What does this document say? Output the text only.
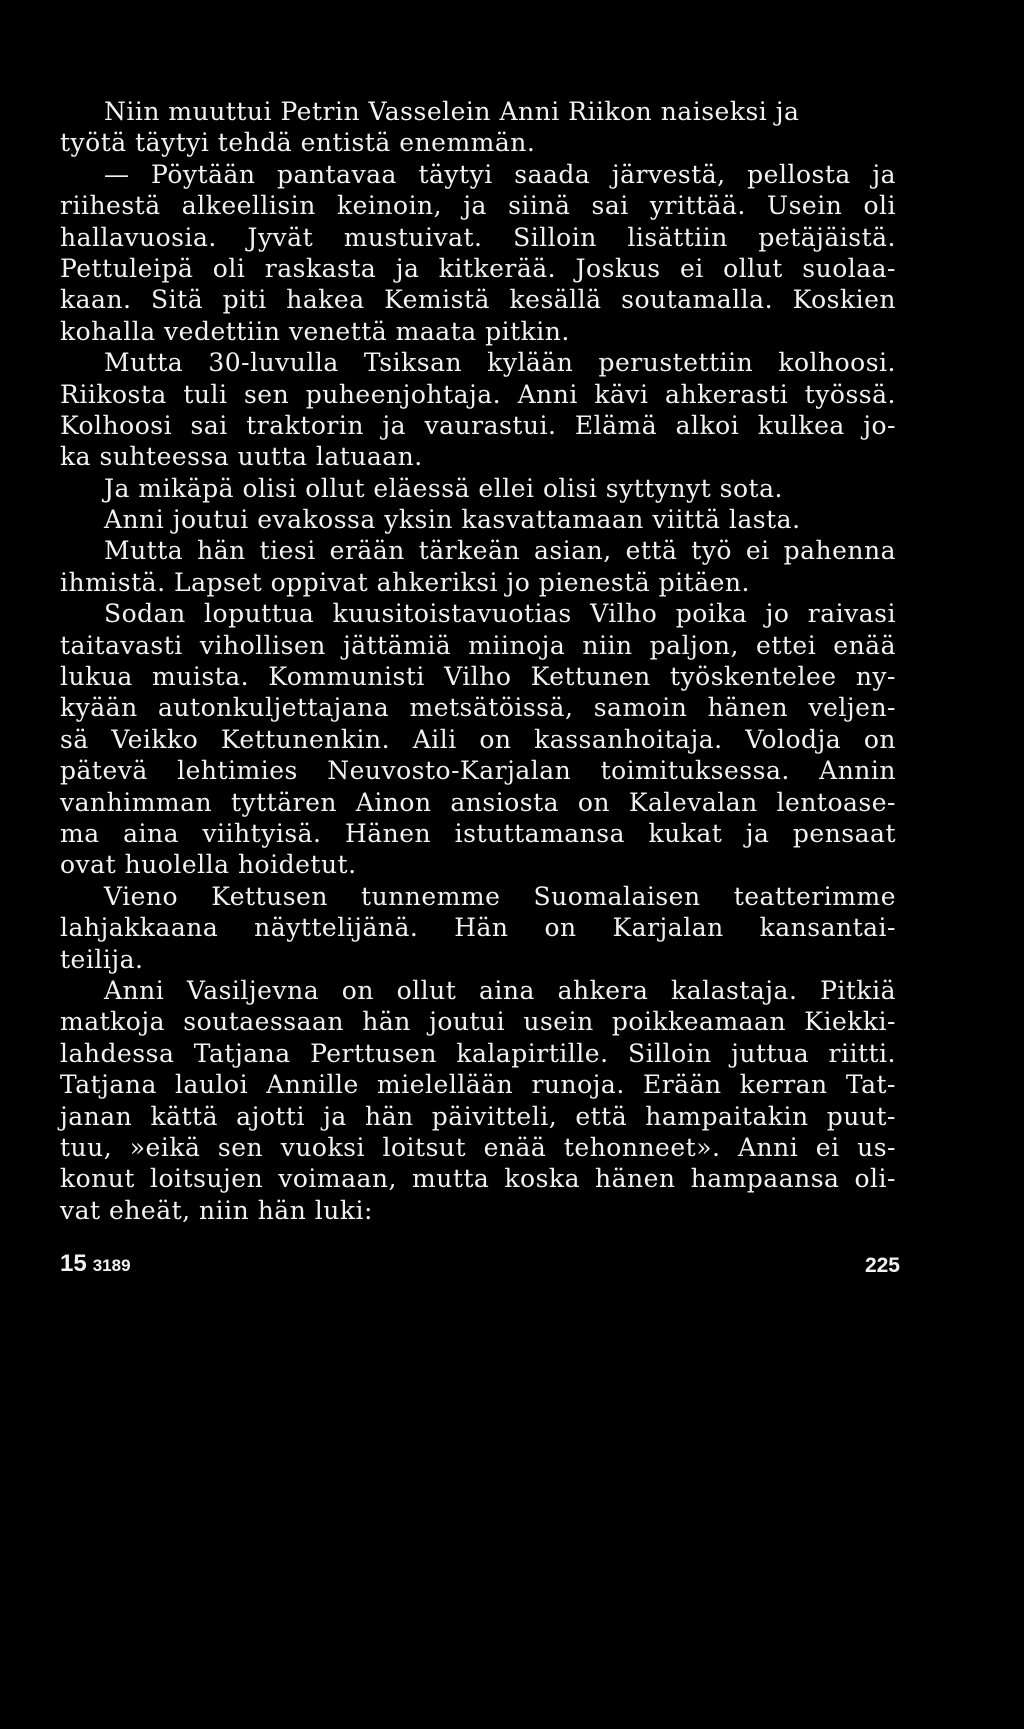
Niin muuttui Petrin Vasselein Anni Riikon naiseksi ja
työtä täytyi tehdä entistä enemmän.
— Pöytään pantavaa täytyi saada järvestä, pellosta ja
riihestä alkeellisin keinoin, ja siinä sai yrittää. Usein oli
hallavuosia. Jyvät mustuivat. Silloin lisättiin petäjäistä.
Pettuleipä oli raskasta ja kitkerää. Joskus ei ollut suolaa-
kaan. Sitä piti hakea Kemistä kesällä soutamalla. Koskien
kohalla vedettiin venettä maata pitkin.
Mutta 30-luvulla Tsiksan kylään perustettiin kolhoosi.
Riikosta tuli sen puheenjohtaja. Anni kävi ahkerasti työssä.
Kolhoosi sai traktorin ja vaurastui. Elämä alkoi kulkea jo-
ka suhteessa uutta latuaan.
Ja mikäpä olisi ollut eläessä ellei olisi syttynyt sota.
Anni joutui evakossa yksin kasvattamaan viittä lasta.
Mutta hän tiesi erään tärkeän asian, että työ ei pahenna
ihmistä. Lapset oppivat ahkeriksi jo pienestä pitäen.
Sodan loputtua kuusitoistavuotias Vilho poika jo raivasi
taitavasti vihollisen jättämiä miinoja niin paljon, ettei enää
lukua muista. Kommunisti Vilho Kettunen työskentelee ny-
kyään autonkuljettajana metsätöissä, samoin hänen veljen-
sä Veikko Kettunenkin. Aili on kassanhoitaja. Volodja on
pätevä lehtimies Neuvosto-Karjalan toimituksessa. Annin
vanhimman tyttären Ainon ansiosta on Kalevalan lentoase-
ma aina viihtyisä. Hänen istuttamansa kukat ja pensaat
ovat huolella hoidetut.
Vieno Kettusen tunnemme Suomalaisen teatterimme
lahjakkaana näyttelijänä. Hän on Karjalan kansantai-
teilija.
Anni Vasiljevna on ollut aina ahkera kalastaja. Pitkiä
matkoja soutaessaan hän joutui usein poikkeamaan Kiekki-
lahdessa Tatjana Perttusen kalapirtille. Silloin juttua riitti.
Tatjana lauloi Annille mielellään runoja. Erään kerran Tat-
janan kättä ajotti ja hän päivitteli, että hampaitakin puut-
tuu, »eikä sen vuoksi loitsut enää tehonneet». Anni ei us-
konut loitsujen voimaan, mutta koska hänen hampaansa oli-
vat eheät, niin hän luki:
15 3189	225
